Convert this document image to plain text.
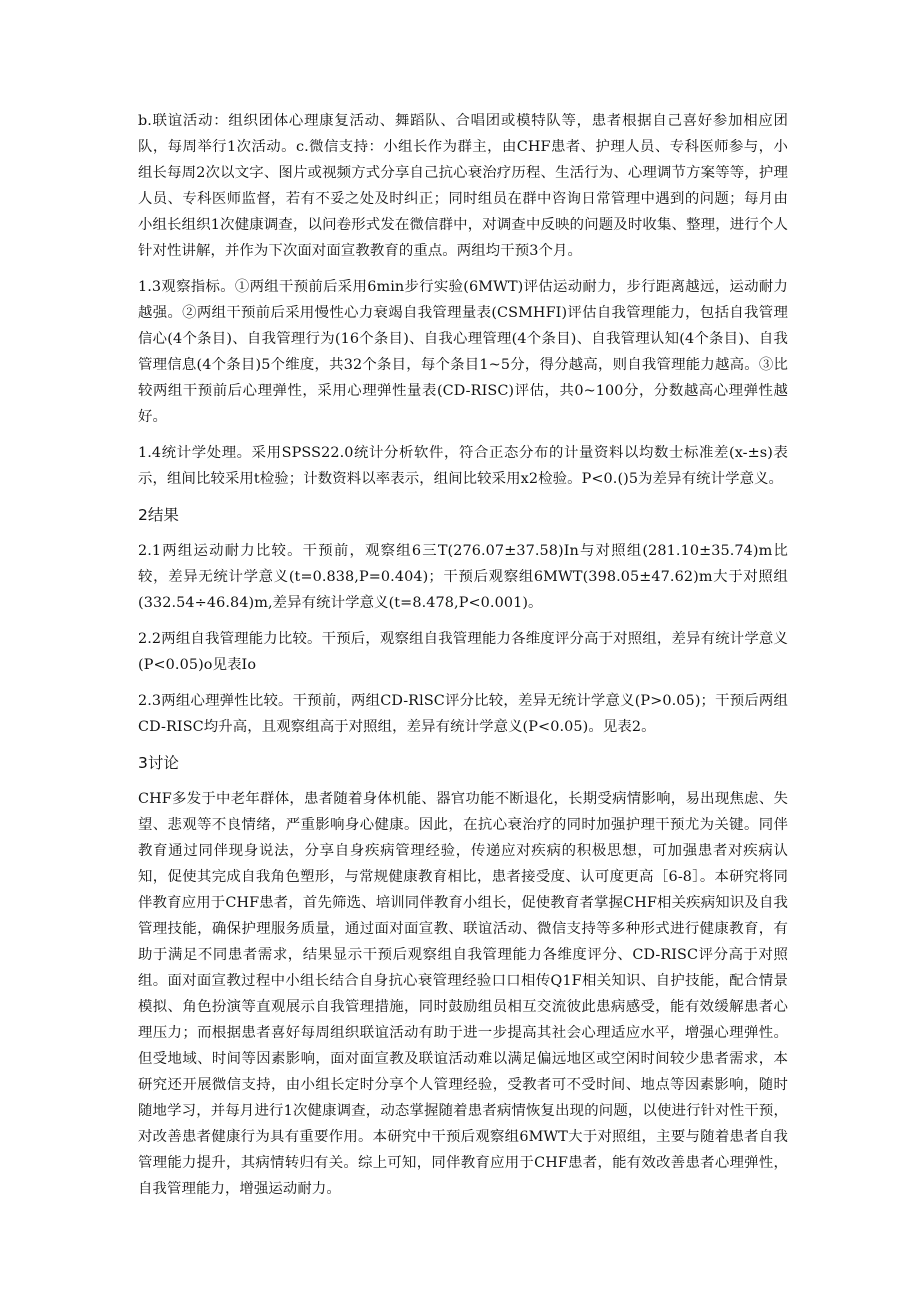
b.联谊活动：组织团体心理康复活动、舞蹈队、合唱团或模特队等，患者根据自己喜好参加相应团队，每周举行1次活动。c.微信支持：小组长作为群主，由CHF患者、护理人员、专科医师参与，小组长每周2次以文字、图片或视频方式分享自己抗心衰治疗历程、生活行为、心理调节方案等等，护理人员、专科医师监督，若有不妥之处及时纠正；同时组员在群中咨询日常管理中遇到的问题；每月由小组长组织1次健康调查，以问卷形式发在微信群中，对调查中反映的问题及时收集、整理，进行个人针对性讲解，并作为下次面对面宣教教育的重点。两组均干预3个月。

1.3观察指标。①两组干预前后采用6min步行实验(6MWT)评估运动耐力，步行距离越远，运动耐力越强。②两组干预前后采用慢性心力衰竭自我管理量表(CSMHFI)评估自我管理能力，包括自我管理信心(4个条目)、自我管理行为(16个条目)、自我心理管理(4个条目)、自我管理认知(4个条目)、自我管理信息(4个条目)5个维度，共32个条目，每个条目1~5分，得分越高，则自我管理能力越高。③比较两组干预前后心理弹性，采用心理弹性量表(CD-RISC)评估，共0~100分，分数越高心理弹性越好。

1.4统计学处理。采用SPSS22.0统计分析软件，符合正态分布的计量资料以均数士标准差(x-±s)表示，组间比较采用t检验；计数资料以率表示，组间比较采用x2检验。P<0.()5为差异有统计学意义。

2结果

2.1两组运动耐力比较。干预前，观察组6三T(276.07±37.58)In与对照组(281.10±35.74)m比较，差异无统计学意义(t=0.838,P=0.404)；干预后观察组6MWT(398.05±47.62)m大于对照组(332.54÷46.84)m,差异有统计学意义(t=8.478,P<0.001)。

2.2两组自我管理能力比较。干预后，观察组自我管理能力各维度评分高于对照组，差异有统计学意义(P<0.05)o见表Io

2.3两组心理弹性比较。干预前，两组CD-RlSC评分比较，差异无统计学意义(P>0.05)；干预后两组CD-RISC均升高，且观察组高于对照组，差异有统计学意义(P<0.05)。见表2。

3讨论

CHF多发于中老年群体，患者随着身体机能、器官功能不断退化，长期受病情影响，易出现焦虑、失望、悲观等不良情绪，严重影响身心健康。因此，在抗心衰治疗的同时加强护理干预尤为关键。同伴教育通过同伴现身说法，分享自身疾病管理经验，传递应对疾病的积极思想，可加强患者对疾病认知，促使其完成自我角色塑形，与常规健康教育相比，患者接受度、认可度更高［6-8］。本研究将同伴教育应用于CHF患者，首先筛选、培训同伴教育小组长，促使教育者掌握CHF相关疾病知识及自我管理技能，确保护理服务质量，通过面对面宣教、联谊活动、微信支持等多种形式进行健康教育，有助于满足不同患者需求，结果显示干预后观察组自我管理能力各维度评分、CD-RISC评分高于对照组。面对面宣教过程中小组长结合自身抗心衰管理经验口口相传Q1F相关知识、自护技能，配合情景模拟、角色扮演等直观展示自我管理措施，同时鼓励组员相互交流彼此患病感受，能有效缓解患者心理压力；而根据患者喜好每周组织联谊活动有助于进一步提高其社会心理适应水平，增强心理弹性。但受地域、时间等因素影响，面对面宣教及联谊活动难以满足偏远地区或空闲时间较少患者需求，本研究还开展微信支持，由小组长定时分享个人管理经验，受教者可不受时间、地点等因素影响，随时随地学习，并每月进行1次健康调查，动态掌握随着患者病情恢复出现的问题，以使进行针对性干预，对改善患者健康行为具有重要作用。本研究中干预后观察组6MWT大于对照组，主要与随着患者自我管理能力提升，其病情转归有关。综上可知，同伴教育应用于CHF患者，能有效改善患者心理弹性，自我管理能力，增强运动耐力。
